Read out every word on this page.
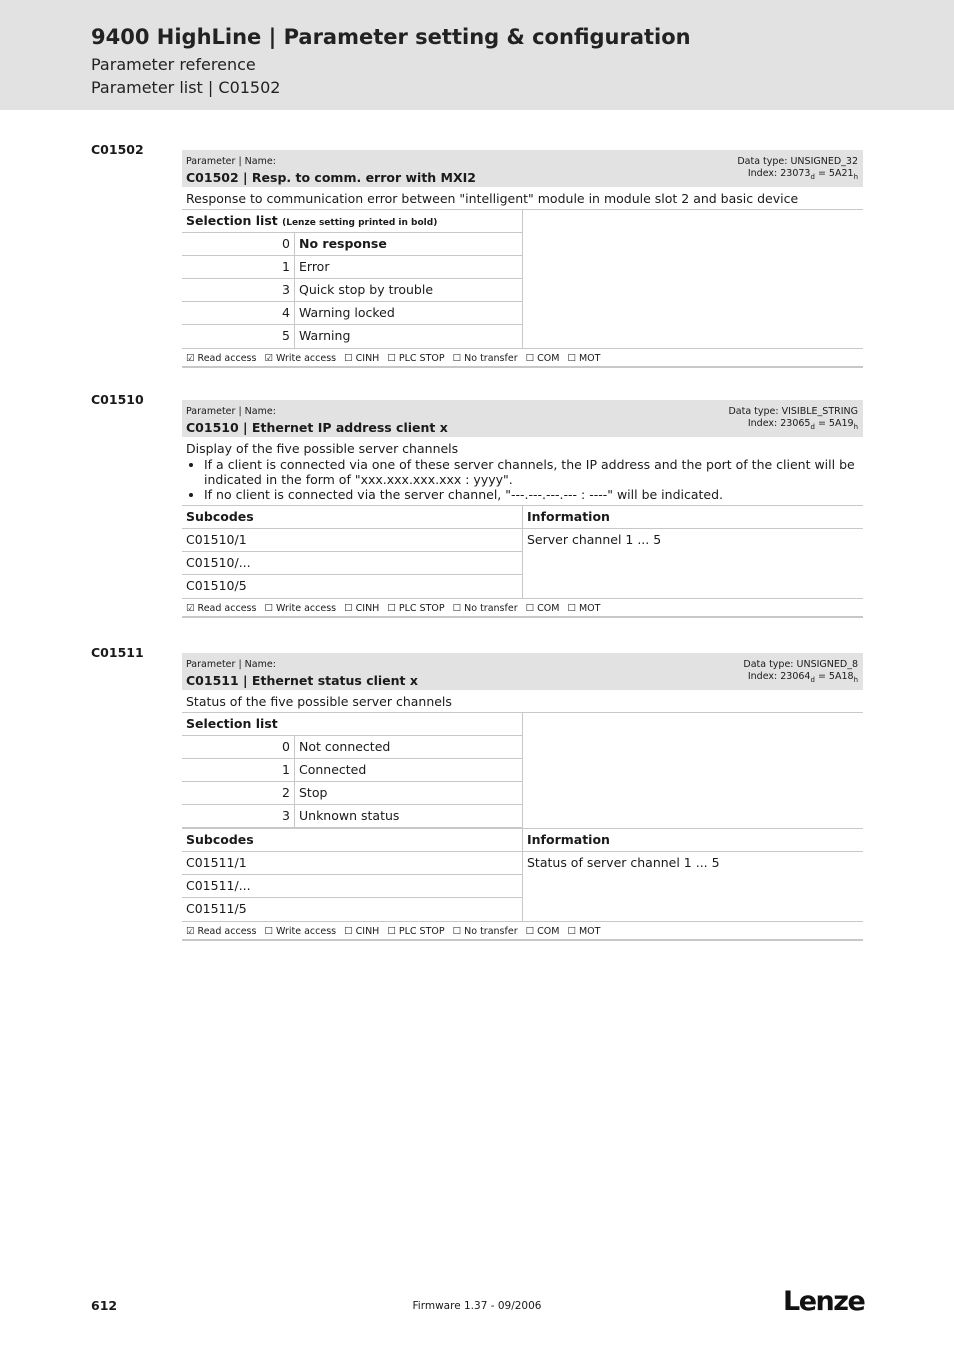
9400 HighLine | Parameter setting & configuration
Parameter reference
Parameter list | C01502
C01502
Parameter | Name:
C01502 | Resp. to comm. error with MXI2
Data type: UNSIGNED_32
Index: $23073_d = 5A21_h$
Response to communication error between "intelligent" module in module slot 2 and basic device
Selection list (Lenze setting printed in bold)
0 No response
1 Error
3 Quick stop by trouble
4 Warning locked
5 Warning
☑ Read access ☑ Write access ☐ CINH ☐ PLC STOP ☐ No transfer ☐ COM ☐ MOT
C01510
Parameter | Name:
C01510 | Ethernet IP address client x
Data type: VISIBLE_STRING
Index: $23065_d = 5A19_h$
Display of the five possible server channels
• If a client is connected via one of these server channels, the IP address and the port of the client will be indicated in the form of "xxx.xxx.xxx.xxx : yyyy".
• If no client is connected via the server channel, "---.---.---.--- : ----" will be indicated.
Subcodes
C01510/1
C01510/...
C01510/5
Information
Server channel 1 ... 5
☑ Read access ☐ Write access ☐ CINH ☐ PLC STOP ☐ No transfer ☐ COM ☐ MOT
C01511
Parameter | Name:
C01511 | Ethernet status client x
Data type: UNSIGNED_8
Index: $23064_d = 5A18_h$
Status of the five possible server channels
Selection list
0 Not connected
1 Connected
2 Stop
3 Unknown status
Subcodes
C01511/1
C01511/...
C01511/5
Information
Status of server channel 1 ... 5
☑ Read access ☐ Write access ☐ CINH ☐ PLC STOP ☐ No transfer ☐ COM ☐ MOT
612	Firmware 1.37 - 09/2006	Lenze
